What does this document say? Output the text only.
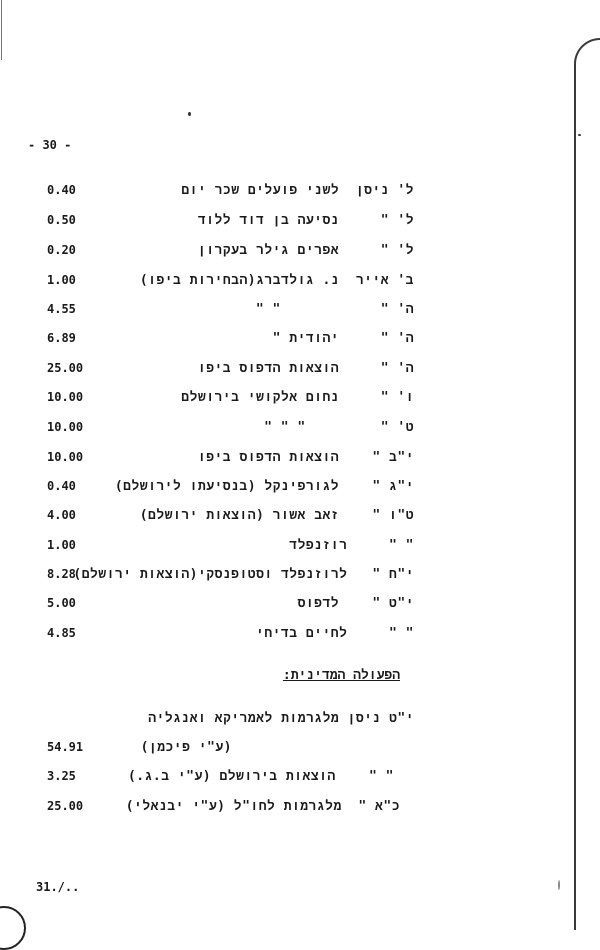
- 30 -
0.40	ל' ניסן  לשני פועלים שכר יום
0.50	ל' "     נסיעה בן דוד ללוד
0.20	ל' "     אפרים גילר בעקרון
1.00	ב' אייר  נ. גולדברג(הבחירות ביפו)
4.55	ה' "            " "
6.89	ה' "     יהודית "
25.00	ה' "     הוצאות הדפוס ביפו
10.00	ו' "     נחום אלקושי בירושלם
10.00	ט' "         " " "
10.00	י"ב "    הוצאות הדפוס ביפו
0.40	י"ג "    לגורפינקל (בנסיעתו לירושלם)
4.00	ט"ו "    זאב אשור (הוצאות ירושלם)
1.00	" "     רוזנפלד
8.28	י"ח "   לרוזנפלד וסטופנסקי(הוצאות ירושלם)
5.00	י"ט "    לדפוס
4.85	" "     לחיים בדיחי
הפעולה המדינית:
י"ט ניסן מלגרמות לאמריקא ואנגליה
54.91	(ע"י פיכמן)
3.25	" "    הוצאות בירושלם (ע"י ב.ג.)
25.00	כ"א "  מלגרמות לחו"ל (ע"י יבנאלי)
31./..
